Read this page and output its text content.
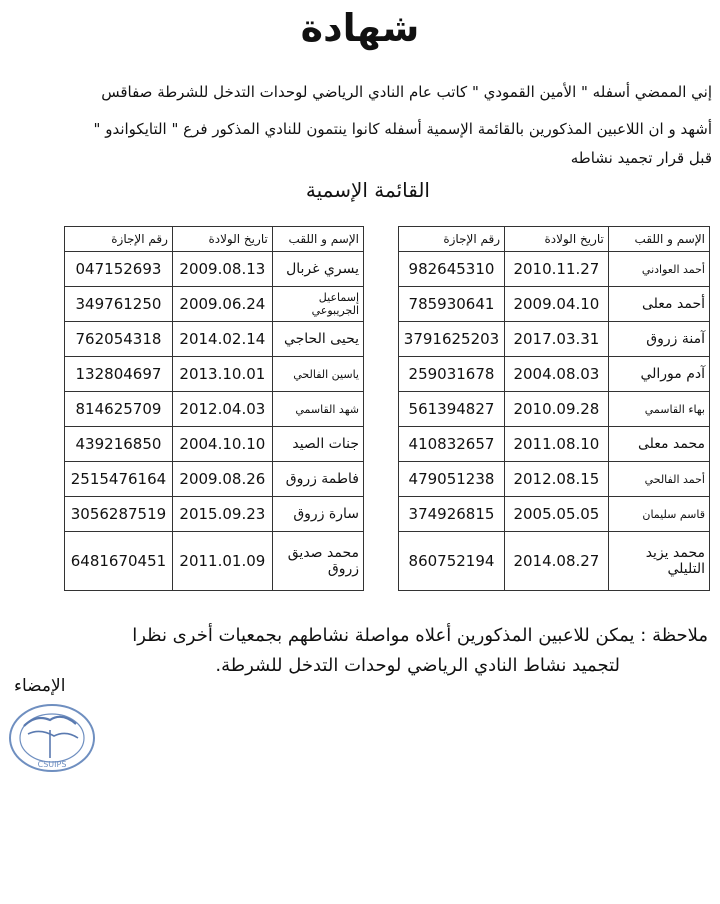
شهادة
إني الممضي أسفله " الأمين القمودي " كاتب عام النادي الرياضي لوحدات التدخل للشرطة صفاقس
أشهد و ان اللاعبين المذكورين بالقائمة الإسمية أسفله كانوا ينتمون للنادي المذكور فرع " التايكواندو "
قبل قرار تجميد نشاطه
القائمة الإسمية
الإسم و اللقب	تاريخ الولادة	رقم الإجازة
أحمد العوادني	2010.11.27	982645310
أحمد معلى	2009.04.10	785930641
آمنة زروق	2017.03.31	3791625203
آدم مورالي	2004.08.03	259031678
بهاء القاسمي	2010.09.28	561394827
محمد معلى	2011.08.10	410832657
أحمد الفالحي	2012.08.15	479051238
قاسم سليمان	2005.05.05	374926815
محمد يزيد التليلي	2014.08.27	860752194
الإسم و اللقب	تاريخ الولادة	رقم الإجازة
يسري غربال	2009.08.13	047152693
إسماعيل الجريبوعي	2009.06.24	349761250
يحيى الحاجي	2014.02.14	762054318
ياسين الفالحي	2013.10.01	132804697
شهد القاسمي	2012.04.03	814625709
جنات الصيد	2004.10.10	439216850
فاطمة زروق	2009.08.26	2515476164
سارة زروق	2015.09.23	3056287519
محمد صديق زروق	2011.01.09	6481670451
ملاحظة : يمكن للاعبين المذكورين أعلاه مواصلة نشاطهم بجمعيات أخرى نظرا
لتجميد نشاط النادي الرياضي لوحدات التدخل للشرطة.
الإمضاء
CSUIPS
